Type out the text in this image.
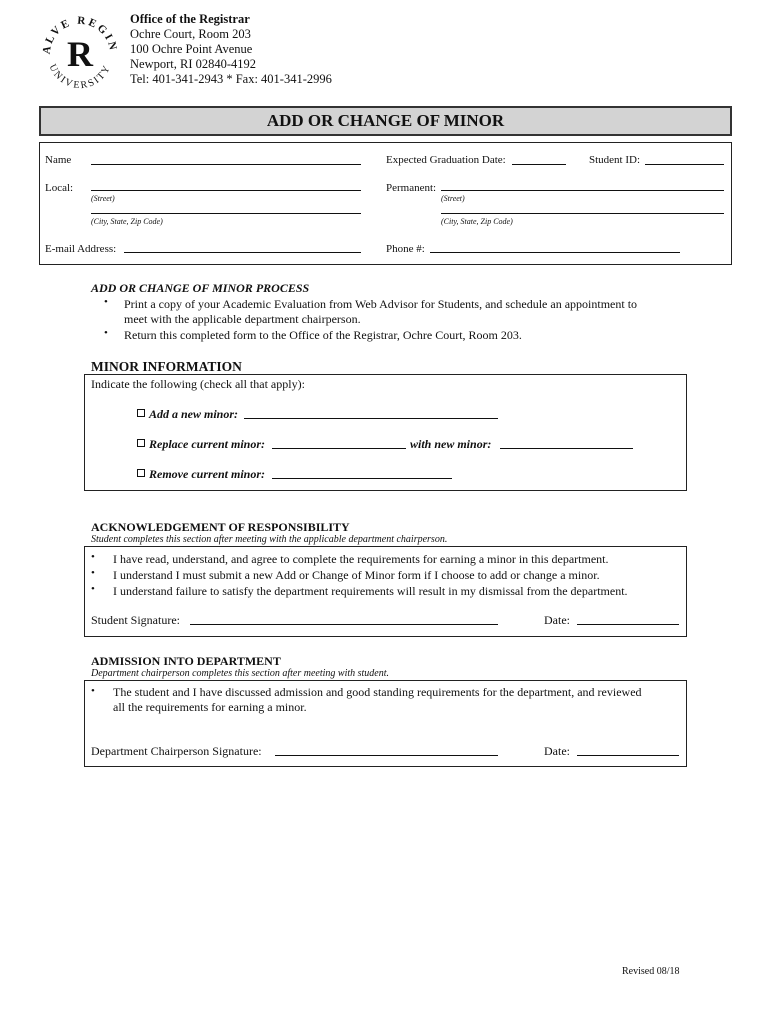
ALVE REGIN
UNIVERSITY
R
Office of the Registrar
Ochre Court, Room 203
100 Ochre Point Avenue
Newport, RI 02840-4192
Tel: 401-341-2943 * Fax: 401-341-2996
ADD OR CHANGE OF MINOR
Name	Expected Graduation Date:	Student ID:
Local:
(Street)
(City, State, Zip Code)
Permanent:
(Street)
(City, State, Zip Code)
E-mail Address:	Phone #:
ADD OR CHANGE OF MINOR PROCESS
• Print a copy of your Academic Evaluation from Web Advisor for Students, and schedule an appointment to
meet with the applicable department chairperson.
• Return this completed form to the Office of the Registrar, Ochre Court, Room 203.
MINOR INFORMATION
Indicate the following (check all that apply):
Add a new minor:
Replace current minor:	with new minor:
Remove current minor:
ACKNOWLEDGEMENT OF RESPONSIBILITY
Student completes this section after meeting with the applicable department chairperson.
• I have read, understand, and agree to complete the requirements for earning a minor in this department.
• I understand I must submit a new Add or Change of Minor form if I choose to add or change a minor.
• I understand failure to satisfy the department requirements will result in my dismissal from the department.
Student Signature:	Date:
ADMISSION INTO DEPARTMENT
Department chairperson completes this section after meeting with student.
• The student and I have discussed admission and good standing requirements for the department, and reviewed
all the requirements for earning a minor.
Department Chairperson Signature:	Date:
Revised 08/18
